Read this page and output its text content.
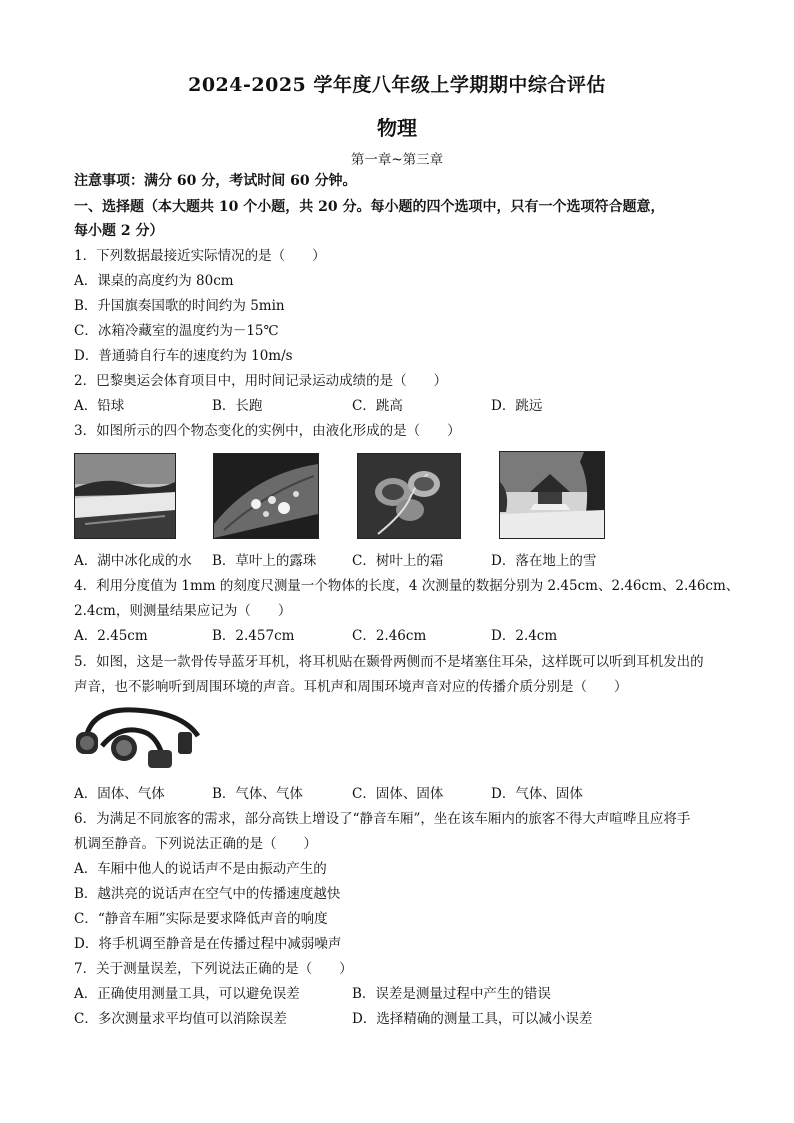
2024-2025 学年度八年级上学期期中综合评估
物理
第一章~第三章
注意事项：满分 60 分，考试时间 60 分钟。
一、选择题（本大题共 10 个小题，共 20 分。每小题的四个选项中，只有一个选项符合题意，
每小题 2 分）
1．下列数据最接近实际情况的是（　　）
A．课桌的高度约为 80cm
B．升国旗奏国歌的时间约为 5min
C．冰箱冷藏室的温度约为－15℃
D．普通骑自行车的速度约为 10m/s
2．巴黎奥运会体育项目中，用时间记录运动成绩的是（　　）
A．铅球	B．长跑	C．跳高	D．跳远
3．如图所示的四个物态变化的实例中，由液化形成的是（　　）
A．湖中冰化成的水 B．草叶上的露珠	C．树叶上的霜	D．落在地上的雪
4．利用分度值为 1mm 的刻度尺测量一个物体的长度，4 次测量的数据分别为 2.45cm、2.46cm、2.46cm、
2.4cm，则测量结果应记为（　　）
A．2.45cm	B．2.457cm	C．2.46cm	D．2.4cm
5．如图，这是一款骨传导蓝牙耳机，将耳机贴在颞骨两侧而不是堵塞住耳朵，这样既可以听到耳机发出的
声音，也不影响听到周围环境的声音。耳机声和周围环境声音对应的传播介质分别是（　　）
A．固体、气体	B．气体、气体	C．固体、固体	D．气体、固体
6．为满足不同旅客的需求，部分高铁上增设了“静音车厢”，坐在该车厢内的旅客不得大声喧哗且应将手
机调至静音。下列说法正确的是（　　）
A．车厢中他人的说话声不是由振动产生的
B．越洪亮的说话声在空气中的传播速度越快
C．“静音车厢”实际是要求降低声音的响度
D．将手机调至静音是在传播过程中减弱噪声
7．关于测量误差，下列说法正确的是（　　）
A．正确使用测量工具，可以避免误差	B．误差是测量过程中产生的错误
C．多次测量求平均值可以消除误差	D．选择精确的测量工具，可以减小误差
